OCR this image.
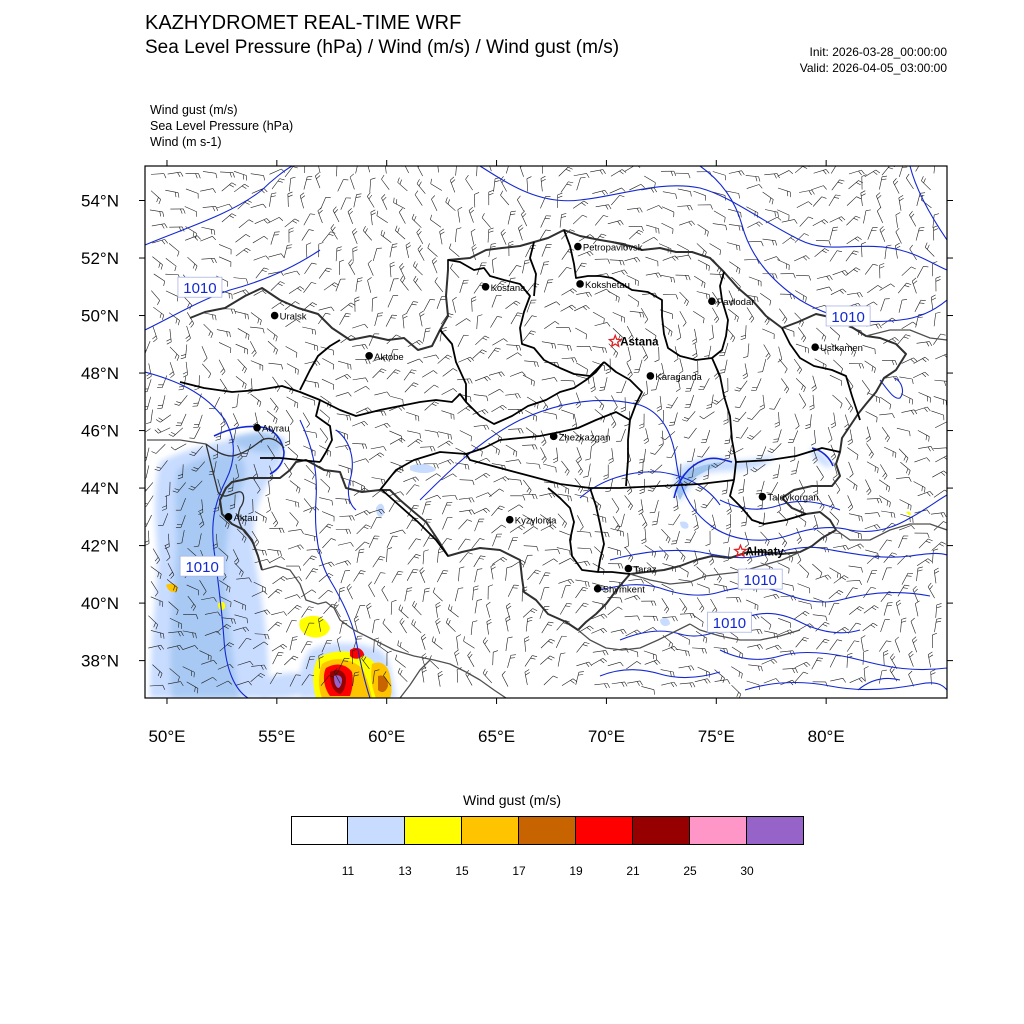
1010
1010
1010
1010
1010
Petropavlovsk
Kostana	Kokshetau
Pavlodar
Uralsk
Astana
Ustkamen
Aktobe
Karaganda
Atyrau
Zhezkazgan
Taldykorgan
Aktau	Kyzylorda
Almaty
Taraz
Shymkent
50°E	55°E	60°E	65°E	70°E	75°E	80°E
54°N
52°N
50°N
48°N
46°N
44°N
42°N
40°N
38°N
KAZHYDROMET REAL-TIME WRF
Sea Level Pressure (hPa) / Wind (m/s) / Wind gust (m/s)	Init: 2026-03-28_00:00:00
Valid: 2026-04-05_03:00:00
Wind gust (m/s)
Sea Level Pressure (hPa)
Wind (m s-1)
Wind gust (m/s)
11	13	15	17	19	21	25	30
